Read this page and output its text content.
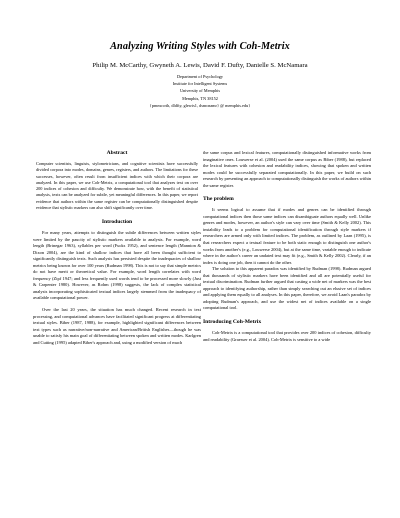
Analyzing Writing Styles with Coh-Metrix
Philip M. McCarthy, Gwyneth A. Lewis, David F. Dufty, Danielle S. McNamara
Department of Psychology
Institute for Intelligent Systems
University of Memphis
Memphis, TN 38152
{pmmccrth, dldfty, glewis1, dsmcnamr} @ memphis.edu}
Abstract

Computer scientists, linguists, stylometricians, and cognitive scientists have successfully divided corpora into modes, domains, genres, registers, and authors. The limitations for these successes, however, often result from insufficient indices with which their corpora are analyzed. In this paper, we use Coh-Metrix, a computational tool that analyzes text on over 200 indices of cohesion and difficulty. We demonstrate how, with the benefit of statistical analysis, texts can be analyzed for subtle, yet meaningful differences. In this paper, we report evidence that authors within the same register can be computationally distinguished despite evidence that stylistic markers can also shift significantly over time.

Introduction

For many years, attempts to distinguish the subtle differences between written styles were limited by the paucity of stylistic markers available to analysts. For example, word length (Brinegar 1963), syllables per word (Fucks 1952), and sentence length (Mannion & Dixon 2004), are the kind of shallow indices that have all been thought sufficient to significantly distinguish texts. Such analysis has persisted despite the inadequacies of shallow metrics being known for over 100 years (Rudman 1998). This is not to say that simple metrics do not have merit or theoretical value. For example, word length correlates with word frequency (Zipf 1947; and less frequently used words tend to be processed more slowly (Just & Carpenter 1980). However, as Rohm (1998) suggests, the lack of complex statistical analysis incorporating sophisticated textual indices largely stemmed from the inadequacy of available computational power.

Over the last 20 years, the situation has much changed. Recent research in text processing, and computational advances have facilitated significant progress at differentiating textual styles. Biber (1987, 1988), for example, highlighted significant differences between text types such as narrative/non-narrative and American/British Englishes—though he was unable to satisfy his main goal of differentiating between spoken and written modes. Karlgren and Cutting (1995) adapted Biber's approach and, using a modified version of much

the same corpus and lexical features, computationally distinguished informative works from imaginative ones. Louwerse et al. (2004) used the same corpus as Biber (1988), but replaced the lexical features with cohesion and readability indices, showing that spoken and written modes could be successfully separated computationally. In this paper, we build on such research by presenting an approach to computationally distinguish the works of authors within the same register.

The problem

It seems logical to assume that if modes and genres can be identified through computational indices then those same indices can disambiguate authors equally well. Unlike genres and modes, however, an author's style can vary over time (Smith & Kelly 2002). This instability leads to a problem for computational identification through style markers if researchers are armed only with limited indices. The problem, as outlined by Laan (1995), is that researchers expect a textual feature to be both static enough to distinguish one author's works from another's (e.g., Louwerse 2004), but at the same time, variable enough to indicate where in the author's career an undated text may fit (e.g., Smith & Kelly 2002). Clearly, if an index is doing one job, then it cannot do the other.

The solution to this apparent paradox was identified by Rudman (1998). Rudman argued that thousands of stylistic markers have been identified and all are potentially useful for textual discrimination. Rudman further argued that casting a wide net of markers was the best approach to identifying authorship, rather than simply searching out an elusive set of indices and applying them equally to all analyses. In this paper, therefore, we avoid Laan's paradox by adopting Rudman's approach, and use the widest net of indices available on a single computational tool.

Introducing Coh-Metrix

Coh-Metrix is a computational tool that provides over 200 indices of cohesion, difficulty and readability (Graesser et al. 2004). Coh-Metrix is sensitive to a wide
